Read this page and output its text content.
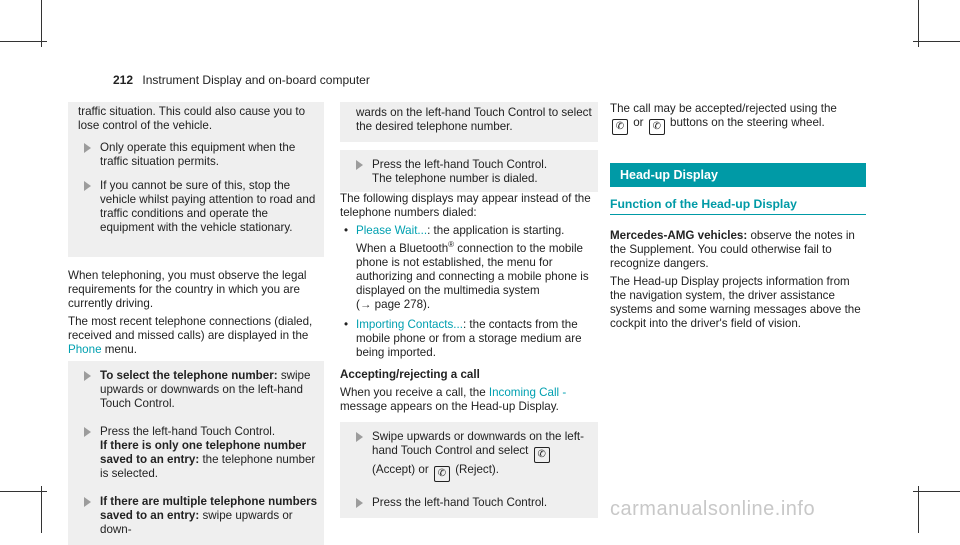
212 Instrument Display and on-board computer

traffic situation. This could also cause you to lose control of the vehicle.

Only operate this equipment when the traffic situation permits.
If you cannot be sure of this, stop the vehicle whilst paying attention to road and traffic conditions and operate the equipment with the vehicle stationary.

When telephoning, you must observe the legal requirements for the country in which you are currently driving.

The most recent telephone connections (dialed, received and missed calls) are displayed in the Phone menu.

To select the telephone number: swipe upwards or downwards on the left-hand Touch Control.
Press the left-hand Touch Control.
If there is only one telephone number saved to an entry: the telephone number is selected.
If there are multiple telephone numbers saved to an entry: swipe upwards or down-

wards on the left-hand Touch Control to select the desired telephone number.

Press the left-hand Touch Control.
The telephone number is dialed.

The following displays may appear instead of the telephone numbers dialed:

• Please Wait...: the application is starting.
When a Bluetooth® connection to the mobile phone is not established, the menu for authorizing and connecting a mobile phone is displayed on the multimedia system
(→ page 278).
• Importing Contacts...: the contacts from the mobile phone or from a storage medium are being imported.

Accepting/rejecting a call

When you receive a call, the Incoming Call - message appears on the Head-up Display.

Swipe upwards or downwards on the left-hand Touch Control and select ✆ (Accept) or ✆ (Reject).
Press the left-hand Touch Control.

The call may be accepted/rejected using the
✆ or ✆ buttons on the steering wheel.

Head-up Display
Function of the Head-up Display

Mercedes-AMG vehicles: observe the notes in the Supplement. You could otherwise fail to recognize dangers.

The Head-up Display projects information from the navigation system, the driver assistance systems and some warning messages above the cockpit into the driver's field of vision.

carmanualsonline.info
